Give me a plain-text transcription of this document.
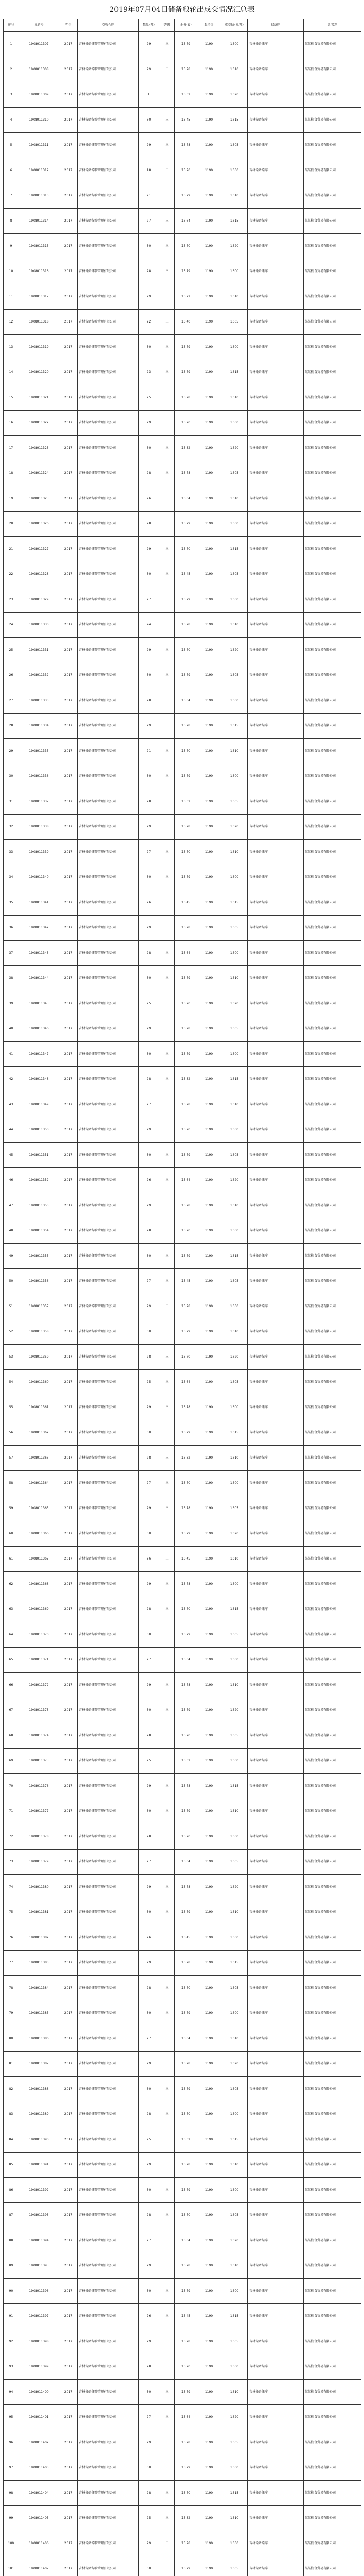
2019年07月04日储备粮轮出成交情况汇总表
序号	标的号	年份	交收仓库	数量(吨)	等级	水分(%)	起拍价	成交价(元/吨)	储备库	竞买方
1	1908011307	2017	吉林省储备粮管理有限公司	29	三	13.79	1190	1600	吉林省储备库	某某粮食贸易有限公司
2	1908011308	2017	吉林省储备粮管理有限公司	29	三	13.78	1190	1610	吉林省储备库	某某粮食贸易有限公司
3	1908011309	2017	吉林省储备粮管理有限公司	1	三	13.32	1190	1620	吉林省储备库	某某粮食贸易有限公司
4	1908011310	2017	吉林省储备粮管理有限公司	30	三	13.45	1190	1615	吉林省储备库	某某粮食贸易有限公司
5	1908011311	2017	吉林省储备粮管理有限公司	29	三	13.78	1190	1605	吉林省储备库	某某粮食贸易有限公司
6	1908011312	2017	吉林省储备粮管理有限公司	18	三	13.70	1190	1600	吉林省储备库	某某粮食贸易有限公司
7	1908011313	2017	吉林省储备粮管理有限公司	21	三	13.79	1190	1610	吉林省储备库	某某粮食贸易有限公司
8	1908011314	2017	吉林省储备粮管理有限公司	27	三	13.64	1190	1615	吉林省储备库	某某粮食贸易有限公司
9	1908011315	2017	吉林省储备粮管理有限公司	30	三	13.70	1190	1620	吉林省储备库	某某粮食贸易有限公司
10	1908011316	2017	吉林省储备粮管理有限公司	28	三	13.79	1190	1600	吉林省储备库	某某粮食贸易有限公司
11	1908011317	2017	吉林省储备粮管理有限公司	29	三	13.72	1190	1610	吉林省储备库	某某粮食贸易有限公司
12	1908011318	2017	吉林省储备粮管理有限公司	22	三	13.40	1190	1605	吉林省储备库	某某粮食贸易有限公司
13	1908011319	2017	吉林省储备粮管理有限公司	30	三	13.79	1190	1600	吉林省储备库	某某粮食贸易有限公司
14	1908011320	2017	吉林省储备粮管理有限公司	23	三	13.79	1190	1615	吉林省储备库	某某粮食贸易有限公司
15	1908011321	2017	吉林省储备粮管理有限公司	25	三	13.78	1190	1610	吉林省储备库	某某粮食贸易有限公司
16	1908011322	2017	吉林省储备粮管理有限公司	29	三	13.70	1190	1600	吉林省储备库	某某粮食贸易有限公司
17	1908011323	2017	吉林省储备粮管理有限公司	30	三	13.32	1190	1620	吉林省储备库	某某粮食贸易有限公司
18	1908011324	2017	吉林省储备粮管理有限公司	28	三	13.78	1190	1605	吉林省储备库	某某粮食贸易有限公司
19	1908011325	2017	吉林省储备粮管理有限公司	26	三	13.64	1190	1610	吉林省储备库	某某粮食贸易有限公司
20	1908011326	2017	吉林省储备粮管理有限公司	28	三	13.79	1190	1600	吉林省储备库	某某粮食贸易有限公司
21	1908011327	2017	吉林省储备粮管理有限公司	29	三	13.70	1190	1615	吉林省储备库	某某粮食贸易有限公司
22	1908011328	2017	吉林省储备粮管理有限公司	30	三	13.45	1190	1605	吉林省储备库	某某粮食贸易有限公司
23	1908011329	2017	吉林省储备粮管理有限公司	27	三	13.79	1190	1600	吉林省储备库	某某粮食贸易有限公司
24	1908011330	2017	吉林省储备粮管理有限公司	24	三	13.78	1190	1610	吉林省储备库	某某粮食贸易有限公司
25	1908011331	2017	吉林省储备粮管理有限公司	29	三	13.70	1190	1620	吉林省储备库	某某粮食贸易有限公司
26	1908011332	2017	吉林省储备粮管理有限公司	30	三	13.79	1190	1605	吉林省储备库	某某粮食贸易有限公司
27	1908011333	2017	吉林省储备粮管理有限公司	28	三	13.64	1190	1600	吉林省储备库	某某粮食贸易有限公司
28	1908011334	2017	吉林省储备粮管理有限公司	29	三	13.78	1190	1615	吉林省储备库	某某粮食贸易有限公司
29	1908011335	2017	吉林省储备粮管理有限公司	21	三	13.70	1190	1610	吉林省储备库	某某粮食贸易有限公司
30	1908011336	2017	吉林省储备粮管理有限公司	30	三	13.79	1190	1600	吉林省储备库	某某粮食贸易有限公司
31	1908011337	2017	吉林省储备粮管理有限公司	28	三	13.32	1190	1605	吉林省储备库	某某粮食贸易有限公司
32	1908011338	2017	吉林省储备粮管理有限公司	29	三	13.78	1190	1620	吉林省储备库	某某粮食贸易有限公司
33	1908011339	2017	吉林省储备粮管理有限公司	27	三	13.70	1190	1610	吉林省储备库	某某粮食贸易有限公司
34	1908011340	2017	吉林省储备粮管理有限公司	30	三	13.79	1190	1600	吉林省储备库	某某粮食贸易有限公司
35	1908011341	2017	吉林省储备粮管理有限公司	26	三	13.45	1190	1615	吉林省储备库	某某粮食贸易有限公司
36	1908011342	2017	吉林省储备粮管理有限公司	29	三	13.78	1190	1605	吉林省储备库	某某粮食贸易有限公司
37	1908011343	2017	吉林省储备粮管理有限公司	28	三	13.64	1190	1600	吉林省储备库	某某粮食贸易有限公司
38	1908011344	2017	吉林省储备粮管理有限公司	30	三	13.79	1190	1610	吉林省储备库	某某粮食贸易有限公司
39	1908011345	2017	吉林省储备粮管理有限公司	25	三	13.70	1190	1620	吉林省储备库	某某粮食贸易有限公司
40	1908011346	2017	吉林省储备粮管理有限公司	29	三	13.78	1190	1605	吉林省储备库	某某粮食贸易有限公司
41	1908011347	2017	吉林省储备粮管理有限公司	30	三	13.79	1190	1600	吉林省储备库	某某粮食贸易有限公司
42	1908011348	2017	吉林省储备粮管理有限公司	28	三	13.32	1190	1615	吉林省储备库	某某粮食贸易有限公司
43	1908011349	2017	吉林省储备粮管理有限公司	27	三	13.78	1190	1610	吉林省储备库	某某粮食贸易有限公司
44	1908011350	2017	吉林省储备粮管理有限公司	29	三	13.70	1190	1600	吉林省储备库	某某粮食贸易有限公司
45	1908011351	2017	吉林省储备粮管理有限公司	30	三	13.79	1190	1605	吉林省储备库	某某粮食贸易有限公司
46	1908011352	2017	吉林省储备粮管理有限公司	26	三	13.64	1190	1620	吉林省储备库	某某粮食贸易有限公司
47	1908011353	2017	吉林省储备粮管理有限公司	29	三	13.78	1190	1610	吉林省储备库	某某粮食贸易有限公司
48	1908011354	2017	吉林省储备粮管理有限公司	28	三	13.70	1190	1600	吉林省储备库	某某粮食贸易有限公司
49	1908011355	2017	吉林省储备粮管理有限公司	30	三	13.79	1190	1615	吉林省储备库	某某粮食贸易有限公司
50	1908011356	2017	吉林省储备粮管理有限公司	27	三	13.45	1190	1605	吉林省储备库	某某粮食贸易有限公司
51	1908011357	2017	吉林省储备粮管理有限公司	29	三	13.78	1190	1600	吉林省储备库	某某粮食贸易有限公司
52	1908011358	2017	吉林省储备粮管理有限公司	30	三	13.79	1190	1610	吉林省储备库	某某粮食贸易有限公司
53	1908011359	2017	吉林省储备粮管理有限公司	28	三	13.70	1190	1620	吉林省储备库	某某粮食贸易有限公司
54	1908011360	2017	吉林省储备粮管理有限公司	25	三	13.64	1190	1605	吉林省储备库	某某粮食贸易有限公司
55	1908011361	2017	吉林省储备粮管理有限公司	29	三	13.78	1190	1600	吉林省储备库	某某粮食贸易有限公司
56	1908011362	2017	吉林省储备粮管理有限公司	30	三	13.79	1190	1615	吉林省储备库	某某粮食贸易有限公司
57	1908011363	2017	吉林省储备粮管理有限公司	28	三	13.32	1190	1610	吉林省储备库	某某粮食贸易有限公司
58	1908011364	2017	吉林省储备粮管理有限公司	27	三	13.70	1190	1600	吉林省储备库	某某粮食贸易有限公司
59	1908011365	2017	吉林省储备粮管理有限公司	29	三	13.78	1190	1605	吉林省储备库	某某粮食贸易有限公司
60	1908011366	2017	吉林省储备粮管理有限公司	30	三	13.79	1190	1620	吉林省储备库	某某粮食贸易有限公司
61	1908011367	2017	吉林省储备粮管理有限公司	26	三	13.45	1190	1610	吉林省储备库	某某粮食贸易有限公司
62	1908011368	2017	吉林省储备粮管理有限公司	29	三	13.78	1190	1600	吉林省储备库	某某粮食贸易有限公司
63	1908011369	2017	吉林省储备粮管理有限公司	28	三	13.70	1190	1615	吉林省储备库	某某粮食贸易有限公司
64	1908011370	2017	吉林省储备粮管理有限公司	30	三	13.79	1190	1605	吉林省储备库	某某粮食贸易有限公司
65	1908011371	2017	吉林省储备粮管理有限公司	27	三	13.64	1190	1600	吉林省储备库	某某粮食贸易有限公司
66	1908011372	2017	吉林省储备粮管理有限公司	29	三	13.78	1190	1610	吉林省储备库	某某粮食贸易有限公司
67	1908011373	2017	吉林省储备粮管理有限公司	30	三	13.79	1190	1620	吉林省储备库	某某粮食贸易有限公司
68	1908011374	2017	吉林省储备粮管理有限公司	28	三	13.70	1190	1605	吉林省储备库	某某粮食贸易有限公司
69	1908011375	2017	吉林省储备粮管理有限公司	25	三	13.32	1190	1600	吉林省储备库	某某粮食贸易有限公司
70	1908011376	2017	吉林省储备粮管理有限公司	29	三	13.78	1190	1615	吉林省储备库	某某粮食贸易有限公司
71	1908011377	2017	吉林省储备粮管理有限公司	30	三	13.79	1190	1610	吉林省储备库	某某粮食贸易有限公司
72	1908011378	2017	吉林省储备粮管理有限公司	28	三	13.70	1190	1600	吉林省储备库	某某粮食贸易有限公司
73	1908011379	2017	吉林省储备粮管理有限公司	27	三	13.64	1190	1605	吉林省储备库	某某粮食贸易有限公司
74	1908011380	2017	吉林省储备粮管理有限公司	29	三	13.78	1190	1620	吉林省储备库	某某粮食贸易有限公司
75	1908011381	2017	吉林省储备粮管理有限公司	30	三	13.79	1190	1610	吉林省储备库	某某粮食贸易有限公司
76	1908011382	2017	吉林省储备粮管理有限公司	26	三	13.45	1190	1600	吉林省储备库	某某粮食贸易有限公司
77	1908011383	2017	吉林省储备粮管理有限公司	29	三	13.78	1190	1615	吉林省储备库	某某粮食贸易有限公司
78	1908011384	2017	吉林省储备粮管理有限公司	28	三	13.70	1190	1605	吉林省储备库	某某粮食贸易有限公司
79	1908011385	2017	吉林省储备粮管理有限公司	30	三	13.79	1190	1600	吉林省储备库	某某粮食贸易有限公司
80	1908011386	2017	吉林省储备粮管理有限公司	27	三	13.64	1190	1610	吉林省储备库	某某粮食贸易有限公司
81	1908011387	2017	吉林省储备粮管理有限公司	29	三	13.78	1190	1620	吉林省储备库	某某粮食贸易有限公司
82	1908011388	2017	吉林省储备粮管理有限公司	30	三	13.79	1190	1605	吉林省储备库	某某粮食贸易有限公司
83	1908011389	2017	吉林省储备粮管理有限公司	28	三	13.70	1190	1600	吉林省储备库	某某粮食贸易有限公司
84	1908011390	2017	吉林省储备粮管理有限公司	25	三	13.32	1190	1615	吉林省储备库	某某粮食贸易有限公司
85	1908011391	2017	吉林省储备粮管理有限公司	29	三	13.78	1190	1610	吉林省储备库	某某粮食贸易有限公司
86	1908011392	2017	吉林省储备粮管理有限公司	30	三	13.79	1190	1600	吉林省储备库	某某粮食贸易有限公司
87	1908011393	2017	吉林省储备粮管理有限公司	28	三	13.70	1190	1605	吉林省储备库	某某粮食贸易有限公司
88	1908011394	2017	吉林省储备粮管理有限公司	27	三	13.64	1190	1620	吉林省储备库	某某粮食贸易有限公司
89	1908011395	2017	吉林省储备粮管理有限公司	29	三	13.78	1190	1610	吉林省储备库	某某粮食贸易有限公司
90	1908011396	2017	吉林省储备粮管理有限公司	30	三	13.79	1190	1600	吉林省储备库	某某粮食贸易有限公司
91	1908011397	2017	吉林省储备粮管理有限公司	26	三	13.45	1190	1615	吉林省储备库	某某粮食贸易有限公司
92	1908011398	2017	吉林省储备粮管理有限公司	29	三	13.78	1190	1605	吉林省储备库	某某粮食贸易有限公司
93	1908011399	2017	吉林省储备粮管理有限公司	28	三	13.70	1190	1600	吉林省储备库	某某粮食贸易有限公司
94	1908011400	2017	吉林省储备粮管理有限公司	30	三	13.79	1190	1610	吉林省储备库	某某粮食贸易有限公司
95	1908011401	2017	吉林省储备粮管理有限公司	27	三	13.64	1190	1620	吉林省储备库	某某粮食贸易有限公司
96	1908011402	2017	吉林省储备粮管理有限公司	29	三	13.78	1190	1605	吉林省储备库	某某粮食贸易有限公司
97	1908011403	2017	吉林省储备粮管理有限公司	30	三	13.79	1190	1600	吉林省储备库	某某粮食贸易有限公司
98	1908011404	2017	吉林省储备粮管理有限公司	28	三	13.70	1190	1615	吉林省储备库	某某粮食贸易有限公司
99	1908011405	2017	吉林省储备粮管理有限公司	25	三	13.32	1190	1610	吉林省储备库	某某粮食贸易有限公司
100	1908011406	2017	吉林省储备粮管理有限公司	29	三	13.78	1190	1600	吉林省储备库	某某粮食贸易有限公司
101	1908011407	2017	吉林省储备粮管理有限公司	30	三	13.79	1190	1605	吉林省储备库	某某粮食贸易有限公司
